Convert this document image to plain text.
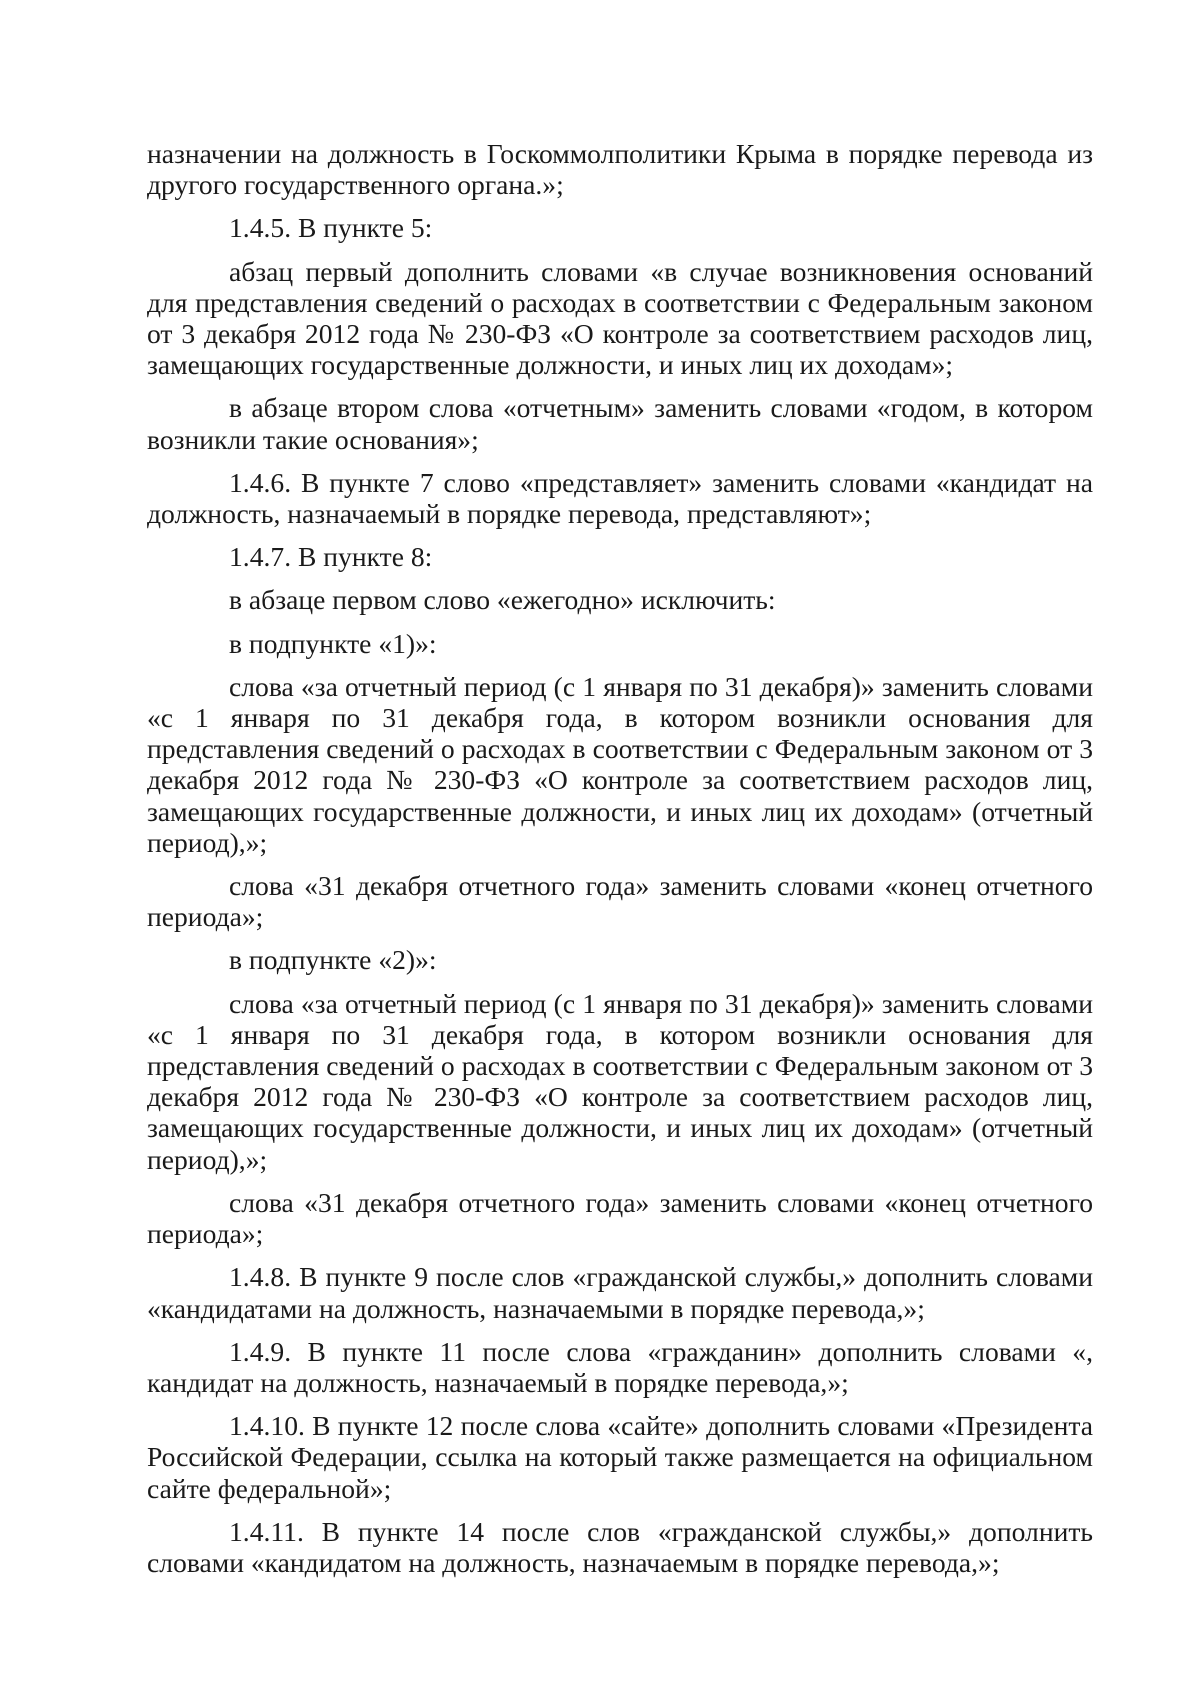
назначении на должность в Госкоммолполитики Крыма в порядке перевода из другого государственного органа.»;

1.4.5. В пункте 5:

абзац первый дополнить словами «в случае возникновения оснований для представления сведений о расходах в соответствии с Федеральным законом от 3 декабря 2012 года № 230-ФЗ «О контроле за соответствием расходов лиц, замещающих государственные должности, и иных лиц их доходам»;

в абзаце втором слова «отчетным» заменить словами «годом, в котором возникли такие основания»;

1.4.6. В пункте 7 слово «представляет» заменить словами «кандидат на должность, назначаемый в порядке перевода, представляют»;

1.4.7. В пункте 8:

в абзаце первом слово «ежегодно» исключить:

в подпункте «1)»:

слова «за отчетный период (с 1 января по 31 декабря)» заменить словами «с 1 января по 31 декабря года, в котором возникли основания для представления сведений о расходах в соответствии с Федеральным законом от 3 декабря 2012 года № 230-ФЗ «О контроле за соответствием расходов лиц, замещающих государственные должности, и иных лиц их доходам» (отчетный период),»;

слова «31 декабря отчетного года» заменить словами «конец отчетного периода»;

в подпункте «2)»:

слова «за отчетный период (с 1 января по 31 декабря)» заменить словами «с 1 января по 31 декабря года, в котором возникли основания для представления сведений о расходах в соответствии с Федеральным законом от 3 декабря 2012 года № 230-ФЗ «О контроле за соответствием расходов лиц, замещающих государственные должности, и иных лиц их доходам» (отчетный период),»;

слова «31 декабря отчетного года» заменить словами «конец отчетного периода»;

1.4.8. В пункте 9 после слов «гражданской службы,» дополнить словами «кандидатами на должность, назначаемыми в порядке перевода,»;

1.4.9. В пункте 11 после слова «гражданин» дополнить словами «, кандидат на должность, назначаемый в порядке перевода,»;

1.4.10. В пункте 12 после слова «сайте» дополнить словами «Президента Российской Федерации, ссылка на который также размещается на официальном сайте федеральной»;

1.4.11. В пункте 14 после слов «гражданской службы,» дополнить словами «кандидатом на должность, назначаемым в порядке перевода,»;
